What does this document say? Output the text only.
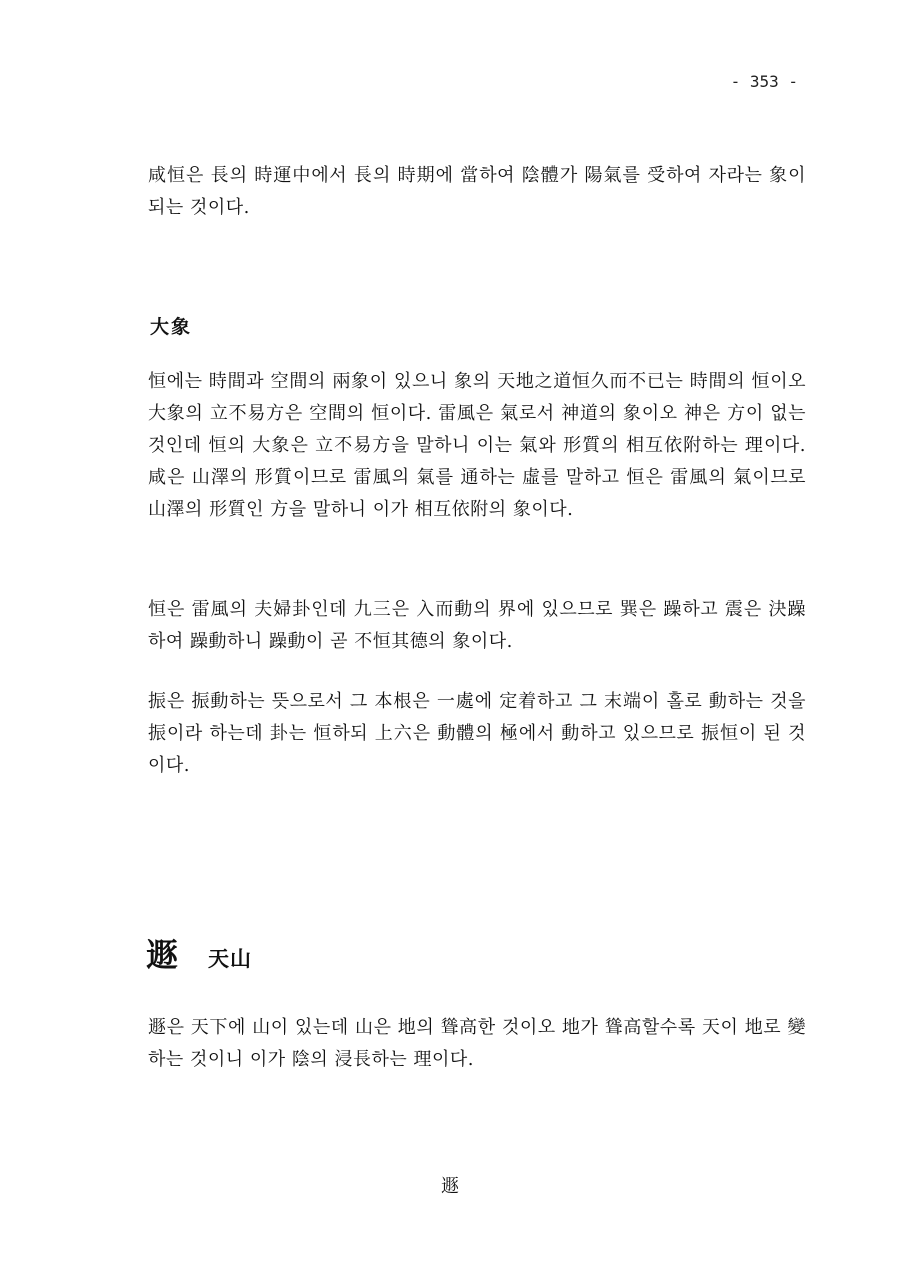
- 353 -

咸恒은 長의 時運中에서 長의 時期에 當하여 陰體가 陽氣를 受하여 자라는 象이 되는 것이다.

大象

恒에는 時間과 空間의 兩象이 있으니 象의 天地之道恒久而不已는 時間의 恒이오 大象의 立不易方은 空間의 恒이다. 雷風은 氣로서 神道의 象이오 神은 方이 없는 것인데 恒의 大象은 立不易方을 말하니 이는 氣와 形質의 相互依附하는 理이다. 咸은 山澤의 形質이므로 雷風의 氣를 通하는 虛를 말하고 恒은 雷風의 氣이므로 山澤의 形質인 方을 말하니 이가 相互依附의 象이다.

恒은 雷風의 夫婦卦인데 九三은 入而動의 界에 있으므로 巽은 躁하고 震은 決躁하여 躁動하니 躁動이 곧 不恒其德의 象이다.

振은 振動하는 뜻으로서 그 本根은 一處에 定着하고 그 末端이 홀로 動하는 것을 振이라 하는데 卦는 恒하되 上六은 動體의 極에서 動하고 있으므로 振恒이 된 것이다.

遯 天山

遯은 天下에 山이 있는데 山은 地의 聳高한 것이오 地가 聳高할수록 天이 地로 變하는 것이니 이가 陰의 浸長하는 理이다.

遯
